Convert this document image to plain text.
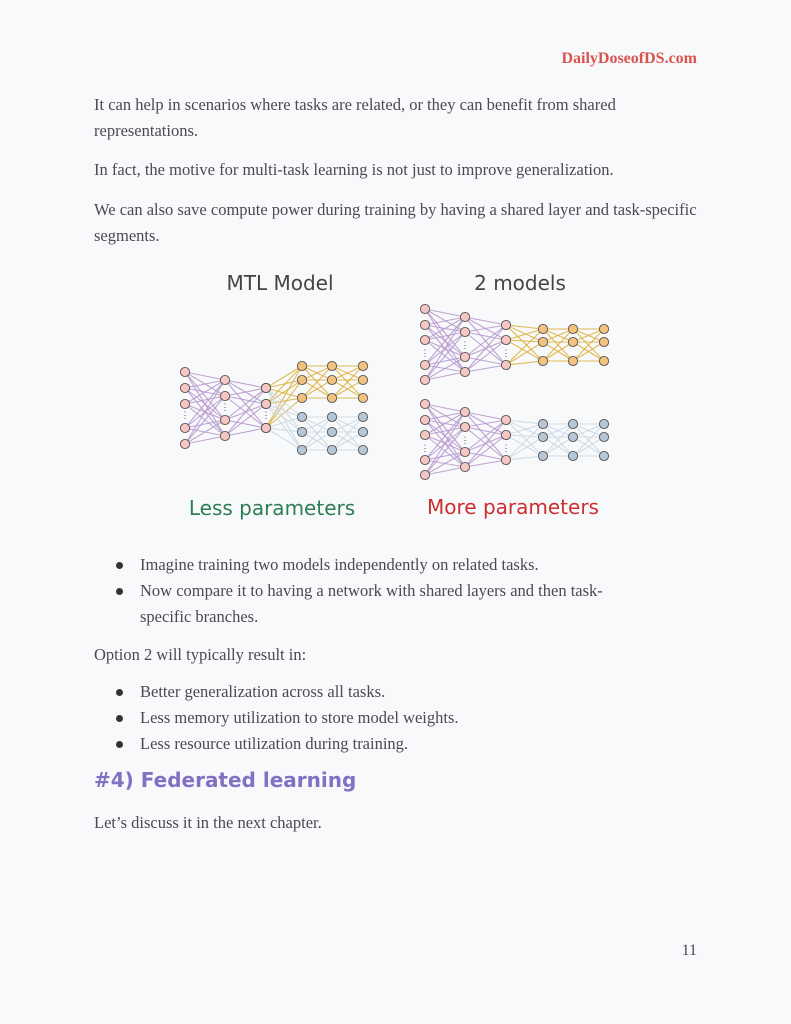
DailyDoseofDS.com

It can help in scenarios where tasks are related, or they can benefit from shared representations.

In fact, the motive for multi-task learning is not just to improve generalization.

We can also save compute power during training by having a shared layer and task-specific segments.

MTL Model	2 models
⋮
⋮
⋮
⋮
⋮
⋮
⋮
⋮
⋮
Less parameters	More parameters
Imagine training two models independently on related tasks.
Now compare it to having a network with shared layers and then task-specific branches.

Option 2 will typically result in:

Better generalization across all tasks.
Less memory utilization to store model weights.
Less resource utilization during training.
#4) Federated learning

Let’s discuss it in the next chapter.

11
